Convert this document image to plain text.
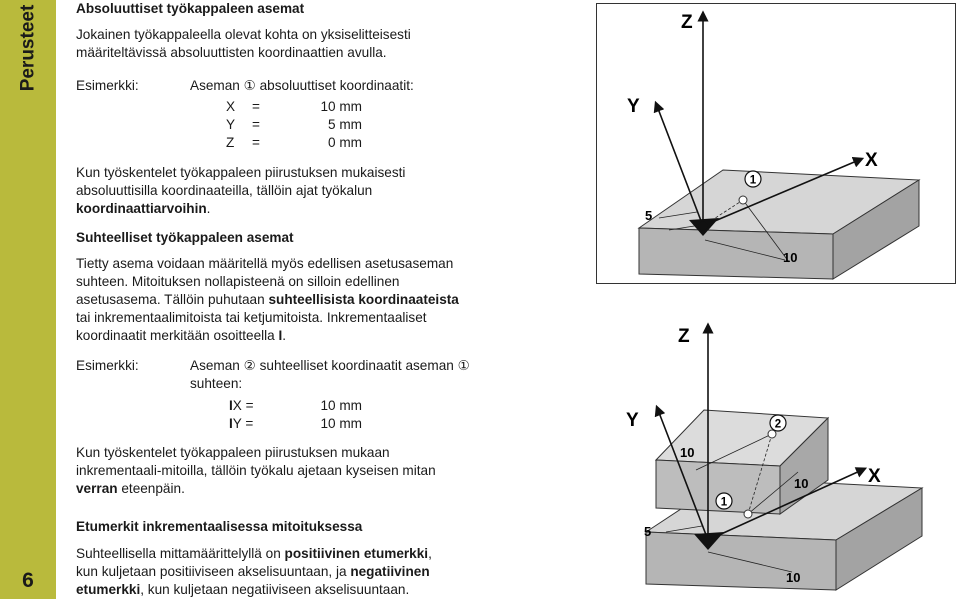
Perusteet
6
Absoluuttiset työkappaleen asemat
Jokainen työkappaleella olevat kohta on yksiselitteisesti
määriteltävissä absoluuttisten koordinaattien avulla.
Esimerkki:	Aseman ① absoluuttiset koordinaatit:
X =	10 mm
Y =	5 mm
Z =	0 mm
Kun työskentelet työkappaleen piirustuksen mukaisesti
absoluuttisilla koordinaateilla, tällöin ajat työkalun
koordinaattiarvoihin.
Suhteelliset työkappaleen asemat
Tietty asema voidaan määritellä myös edellisen asetusaseman
suhteen. Mitoituksen nollapisteenä on silloin edellinen
asetusasema. Tällöin puhutaan suhteellisista koordinaateista
tai inkrementaalimitoista tai ketjumitoista. Inkrementaaliset
koordinaatit merkitään osoitteella I.
Esimerkki:	Aseman ② suhteelliset koordinaatit aseman ①
suhteen:
IX =	10 mm
IY =	10 mm
Kun työskentelet työkappaleen piirustuksen mukaan
inkrementaali-mitoilla, tällöin työkalu ajetaan kyseisen mitan
verran eteenpäin.
Etumerkit inkrementaalisessa mitoituksessa
Suhteellisella mittamäärittelyllä on positiivinen etumerkki,
kun kuljetaan positiiviseen akselisuuntaan, ja negatiivinen
etumerkki, kun kuljetaan negatiiviseen akselisuuntaan.
Z
Y
X
1
5
10
Z
Y
X
2
1
10
10
5
10
